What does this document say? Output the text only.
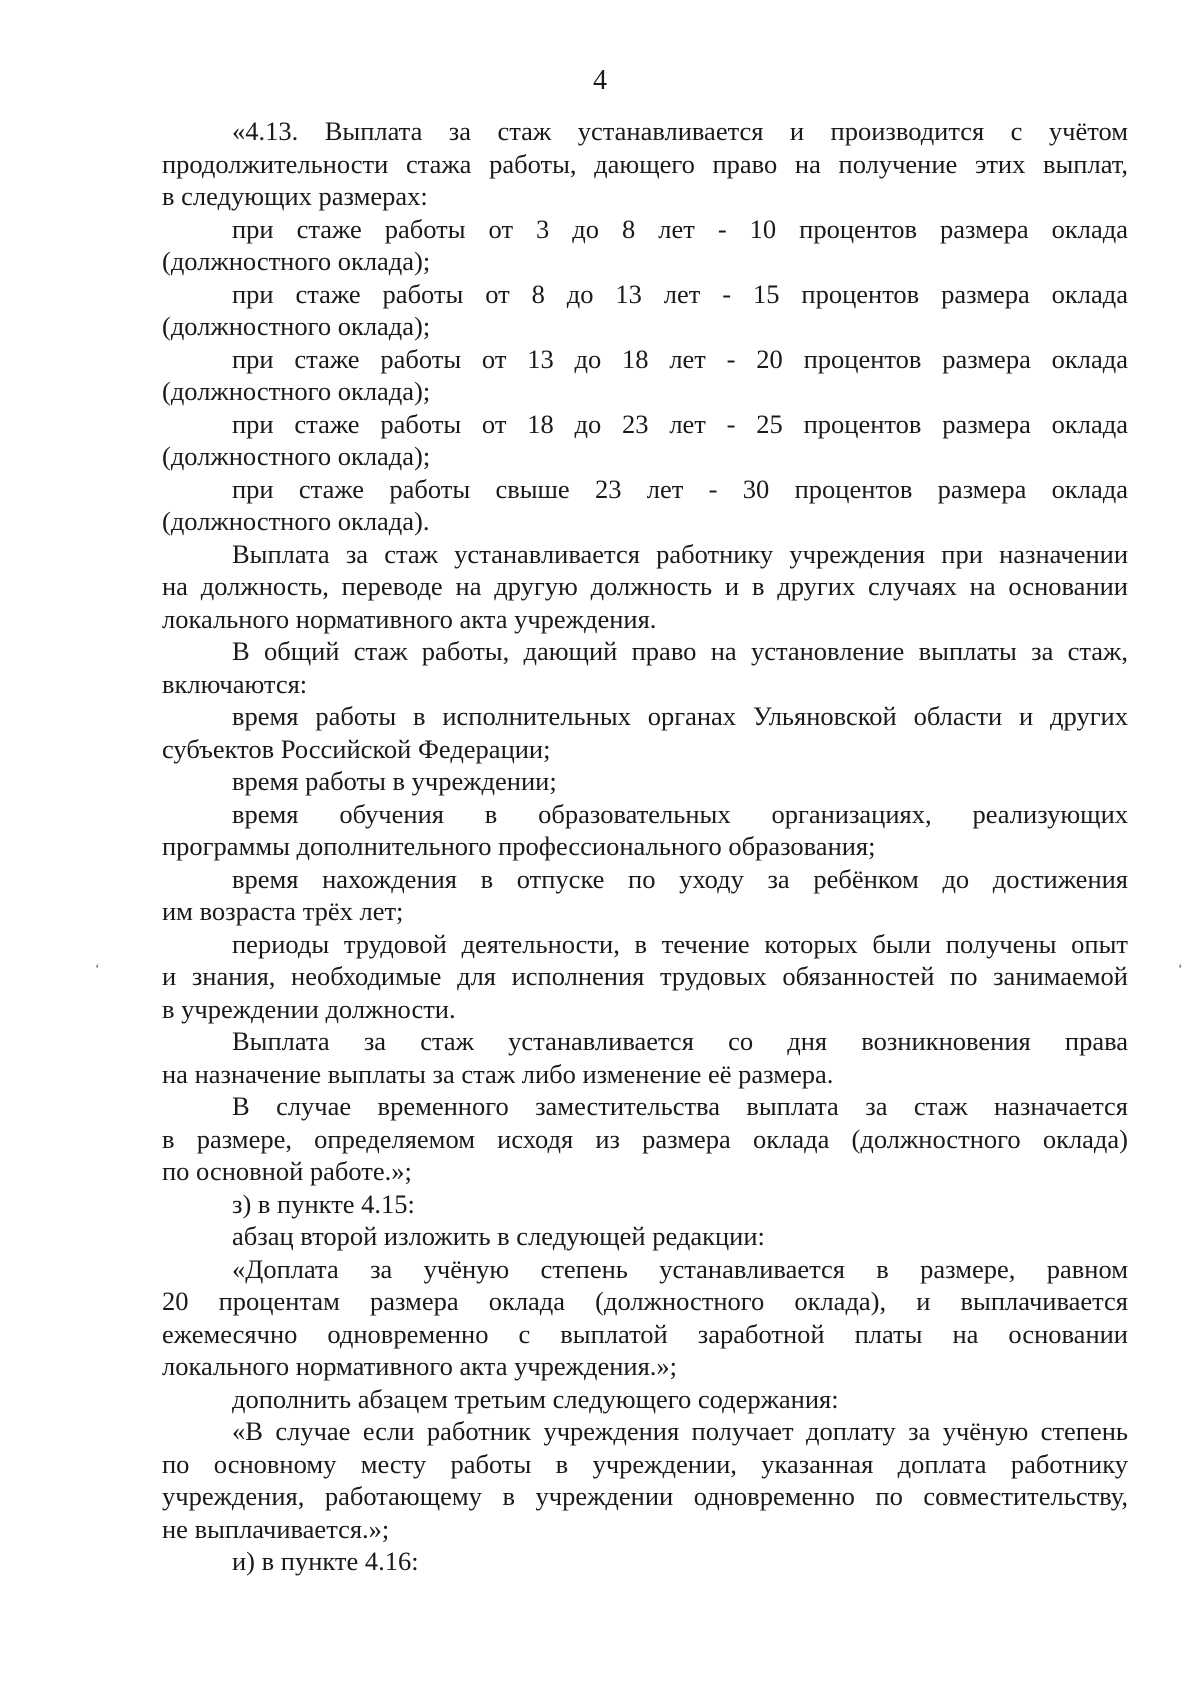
4

«4.13. Выплата за стаж устанавливается и производится с учётом

продолжительности стажа работы, дающего право на получение этих выплат,

в следующих размерах:

при стаже работы от 3 до 8 лет - 10 процентов размера оклада

(должностного оклада);

при стаже работы от 8 до 13 лет - 15 процентов размера оклада

(должностного оклада);

при стаже работы от 13 до 18 лет - 20 процентов размера оклада

(должностного оклада);

при стаже работы от 18 до 23 лет - 25 процентов размера оклада

(должностного оклада);

при стаже работы свыше 23 лет - 30 процентов размера оклада

(должностного оклада).

Выплата за стаж устанавливается работнику учреждения при назначении

на должность, переводе на другую должность и в других случаях на основании

локального нормативного акта учреждения.

В общий стаж работы, дающий право на установление выплаты за стаж,

включаются:

время работы в исполнительных органах Ульяновской области и других

субъектов Российской Федерации;

время работы в учреждении;

время обучения в образовательных организациях, реализующих

программы дополнительного профессионального образования;

время нахождения в отпуске по уходу за ребёнком до достижения

им возраста трёх лет;

периоды трудовой деятельности, в течение которых были получены опыт

и знания, необходимые для исполнения трудовых обязанностей по занимаемой

в учреждении должности.

Выплата за стаж устанавливается со дня возникновения права

на назначение выплаты за стаж либо изменение её размера.

В случае временного заместительства выплата за стаж назначается

в размере, определяемом исходя из размера оклада (должностного оклада)

по основной работе.»;

з) в пункте 4.15:

абзац второй изложить в следующей редакции:

«Доплата за учёную степень устанавливается в размере, равном

20 процентам размера оклада (должностного оклада), и выплачивается

ежемесячно одновременно с выплатой заработной платы на основании

локального нормативного акта учреждения.»;

дополнить абзацем третьим следующего содержания:

«В случае если работник учреждения получает доплату за учёную степень

по основному месту работы в учреждении, указанная доплата работнику

учреждения, работающему в учреждении одновременно по совместительству,

не выплачивается.»;

и) в пункте 4.16:

ʻ	ʻ
